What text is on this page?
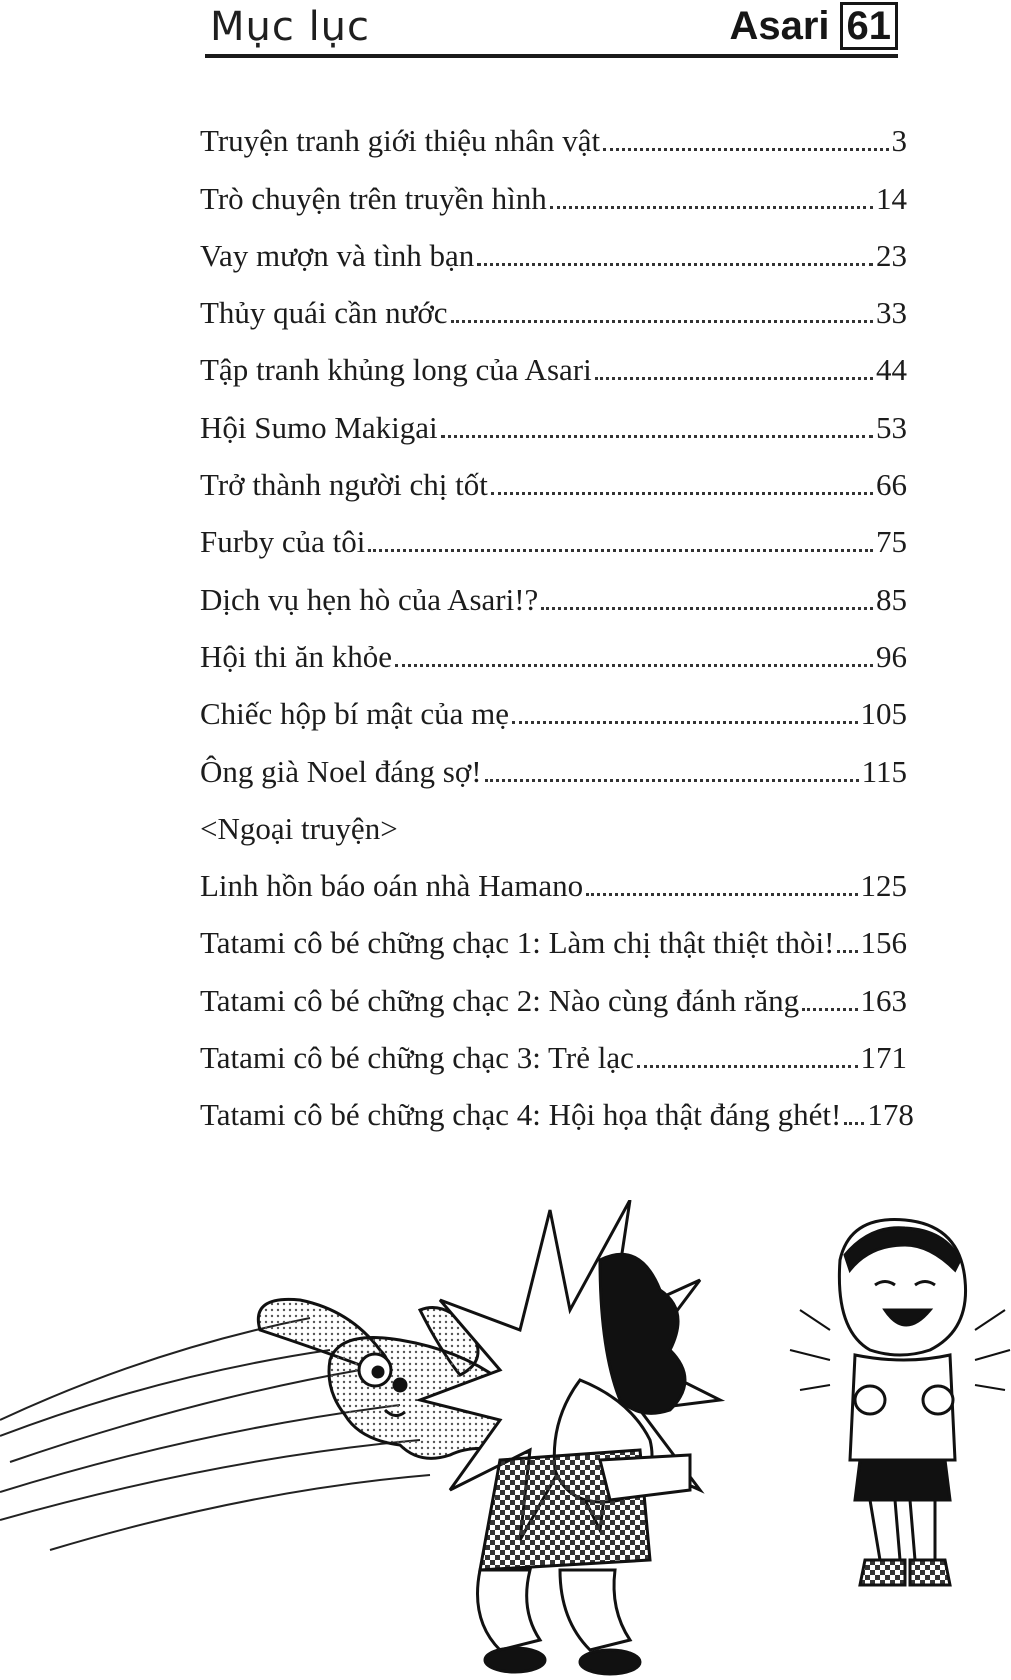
Mục lục	Asari 61
Truyện tranh giới thiệu nhân vật	3
Trò chuyện trên truyền hình	14
Vay mượn và tình bạn	23
Thủy quái cần nước	33
Tập tranh khủng long của Asari	44
Hội Sumo Makigai	53
Trở thành người chị tốt	66
Furby của tôi	75
Dịch vụ hẹn hò của Asari!?	85
Hội thi ăn khỏe	96
Chiếc hộp bí mật của mẹ	105
Ông già Noel đáng sợ!	115
<Ngoại truyện>
Linh hồn báo oán nhà Hamano	125
Tatami cô bé chững chạc 1: Làm chị thật thiệt thòi! 156
Tatami cô bé chững chạc 2: Nào cùng đánh răng 163
Tatami cô bé chững chạc 3: Trẻ lạc	171
Tatami cô bé chững chạc 4: Hội họa thật đáng ghét! 178
